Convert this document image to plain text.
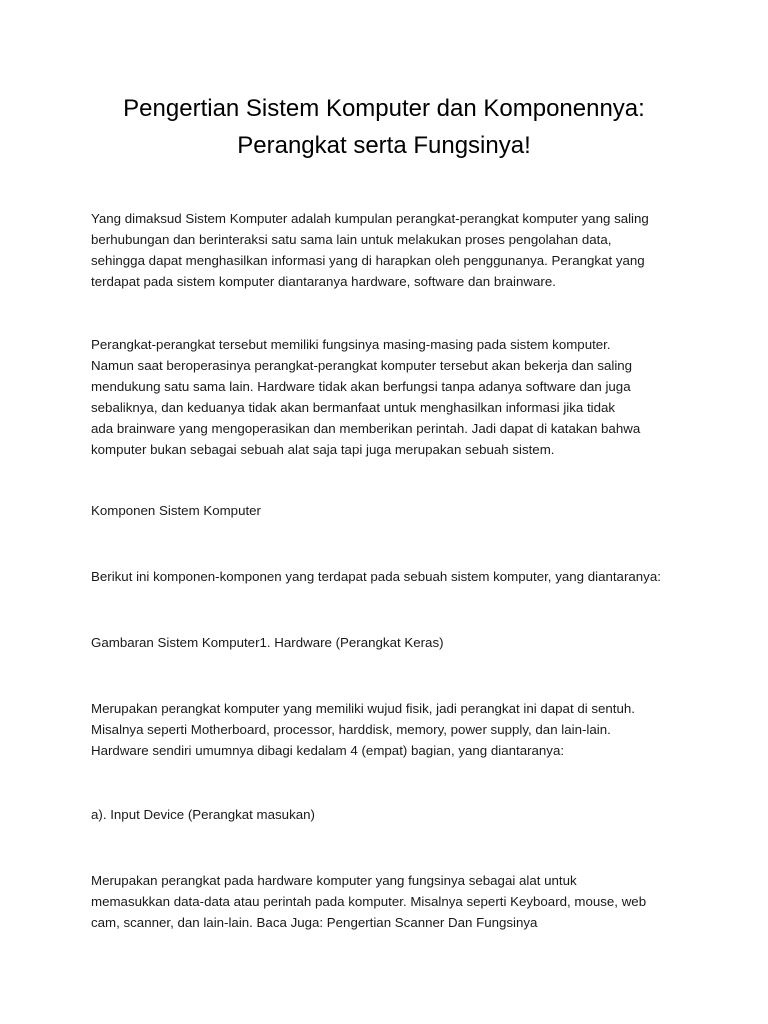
Pengertian Sistem Komputer dan Komponennya:
Perangkat serta Fungsinya!

Yang dimaksud Sistem Komputer adalah kumpulan perangkat-perangkat komputer yang saling
berhubungan dan berinteraksi satu sama lain untuk melakukan proses pengolahan data,
sehingga dapat menghasilkan informasi yang di harapkan oleh penggunanya. Perangkat yang
terdapat pada sistem komputer diantaranya hardware, software dan brainware.

Perangkat-perangkat tersebut memiliki fungsinya masing-masing pada sistem komputer.
Namun saat beroperasinya perangkat-perangkat komputer tersebut akan bekerja dan saling
mendukung satu sama lain. Hardware tidak akan berfungsi tanpa adanya software dan juga
sebaliknya, dan keduanya tidak akan bermanfaat untuk menghasilkan informasi jika tidak
ada brainware yang mengoperasikan dan memberikan perintah. Jadi dapat di katakan bahwa
komputer bukan sebagai sebuah alat saja tapi juga merupakan sebuah sistem.

Komponen Sistem Komputer

Berikut ini komponen-komponen yang terdapat pada sebuah sistem komputer, yang diantaranya:

Gambaran Sistem Komputer1. Hardware (Perangkat Keras)

Merupakan perangkat komputer yang memiliki wujud fisik, jadi perangkat ini dapat di sentuh.
Misalnya seperti Motherboard, processor, harddisk, memory, power supply, dan lain-lain.
Hardware sendiri umumnya dibagi kedalam 4 (empat) bagian, yang diantaranya:

a). Input Device (Perangkat masukan)

Merupakan perangkat pada hardware komputer yang fungsinya sebagai alat untuk
memasukkan data-data atau perintah pada komputer. Misalnya seperti Keyboard, mouse, web
cam, scanner, dan lain-lain. Baca Juga: Pengertian Scanner Dan Fungsinya
